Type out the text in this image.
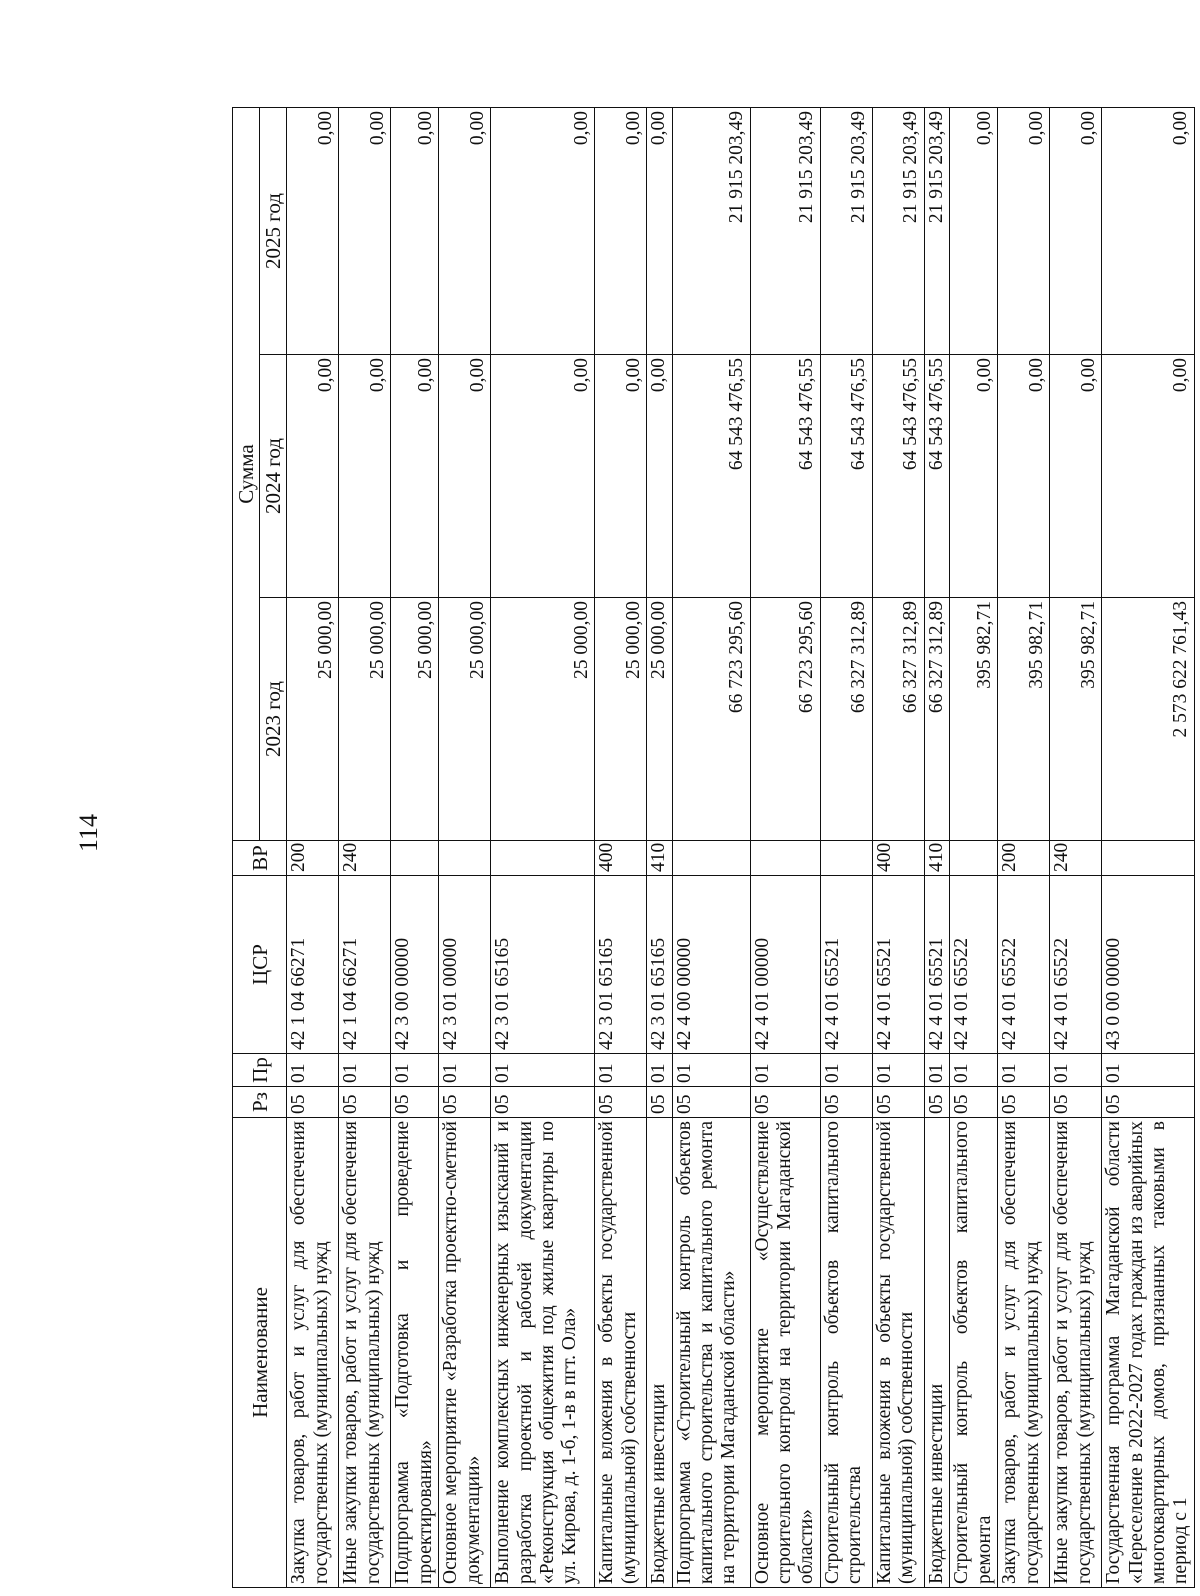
114
Наименование	Рз	Пр	ЦСР	ВР	Сумма		
					2023 год	2024 год	2025 год
Закупка товаров, работ и услуг для обеспечения государственных (муниципальных) нужд	05	01	42 1 04 66271	200	25 000,00	0,00	0,00
Иные закупки товаров, работ и услуг для обеспечения государственных (муниципальных) нужд	05	01	42 1 04 66271	240	25 000,00	0,00	0,00
Подпрограмма «Подготовка и проведение проектирования»	05	01	42 3 00 00000		25 000,00	0,00	0,00
Основное мероприятие «Разработка проектно-сметной документации»	05	01	42 3 01 00000		25 000,00	0,00	0,00
Выполнение комплексных инженерных изысканий и разработка проектной и рабочей документации «Реконструкция общежития под жилые квартиры по ул. Кирова, д. 1-б, 1-в в пгт. Ола»	05	01	42 3 01 65165		25 000,00	0,00	0,00
Капитальные вложения в объекты государственной (муниципальной) собственности	05	01	42 3 01 65165	400	25 000,00	0,00	0,00
Бюджетные инвестиции	05	01	42 3 01 65165	410	25 000,00	0,00	0,00
Подпрограмма «Строительный контроль объектов капитального строительства и капитального ремонта на территории Магаданской области»	05	01	42 4 00 00000		66 723 295,60	64 543 476,55	21 915 203,49
Основное мероприятие «Осуществление строительного контроля на территории Магаданской области»	05	01	42 4 01 00000		66 723 295,60	64 543 476,55	21 915 203,49
Строительный контроль объектов капитального строительства	05	01	42 4 01 65521		66 327 312,89	64 543 476,55	21 915 203,49
Капитальные вложения в объекты государственной (муниципальной) собственности	05	01	42 4 01 65521	400	66 327 312,89	64 543 476,55	21 915 203,49
Бюджетные инвестиции	05	01	42 4 01 65521	410	66 327 312,89	64 543 476,55	21 915 203,49
Строительный контроль объектов капитального ремонта	05	01	42 4 01 65522		395 982,71	0,00	0,00
Закупка товаров, работ и услуг для обеспечения государственных (муниципальных) нужд	05	01	42 4 01 65522	200	395 982,71	0,00	0,00
Иные закупки товаров, работ и услуг для обеспечения государственных (муниципальных) нужд	05	01	42 4 01 65522	240	395 982,71	0,00	0,00
Государственная программа Магаданской области «Переселение в 2022-2027 годах граждан из аварийных многоквартирных домов, признанных таковыми в период с 1	05	01	43 0 00 00000		2 573 622 761,43	0,00	0,00
